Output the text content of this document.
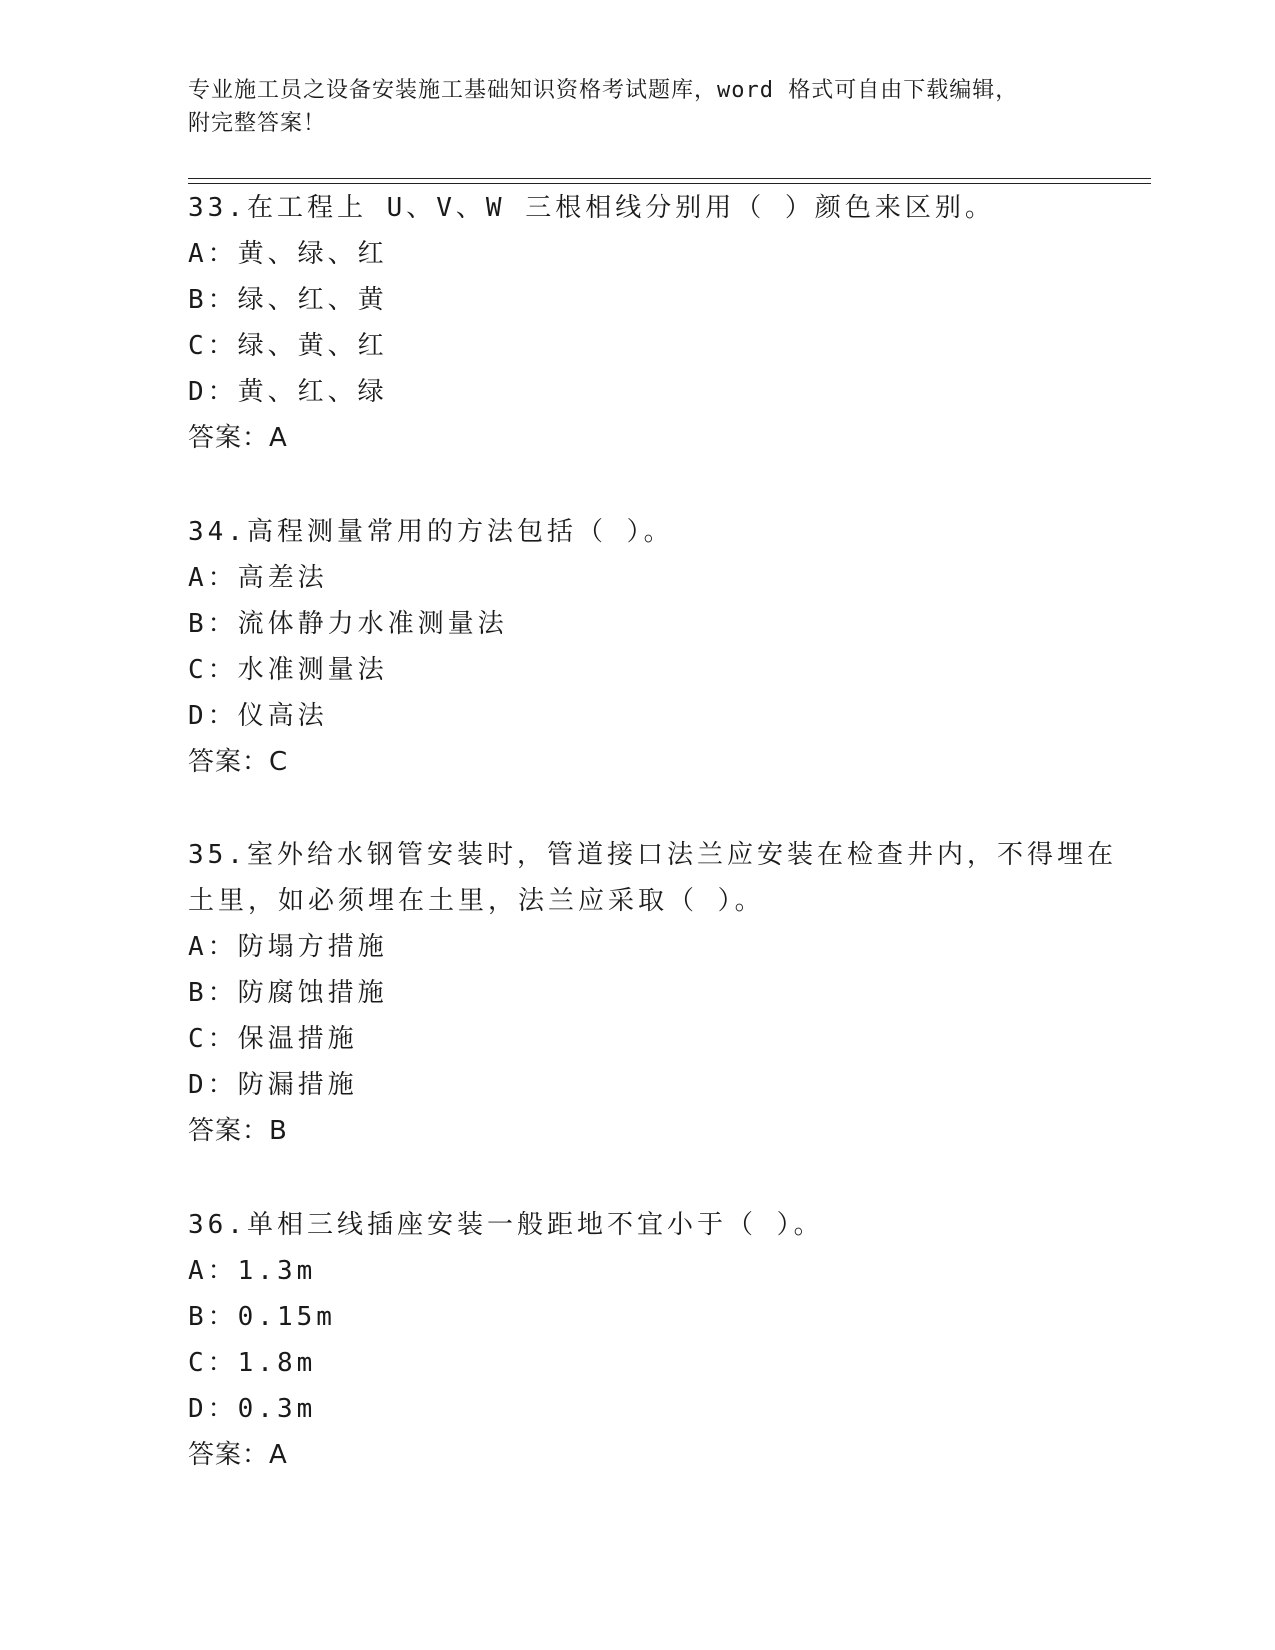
专业施工员之设备安装施工基础知识资格考试题库，word 格式可自由下载编辑，
附完整答案！
33.在工程上 U、V、W 三根相线分别用（ ）颜色来区别。
A：黄、绿、红
B：绿、红、黄
C：绿、黄、红
D：黄、红、绿
答案：A
34.高程测量常用的方法包括（ ）。
A：高差法
B：流体静力水准测量法
C：水准测量法
D：仪高法
答案：C
35.室外给水钢管安装时，管道接口法兰应安装在检查井内，不得埋在
土里，如必须埋在土里，法兰应采取（ ）。
A：防塌方措施
B：防腐蚀措施
C：保温措施
D：防漏措施
答案：B
36.单相三线插座安装一般距地不宜小于（ ）。
A：1.3m
B：0.15m
C：1.8m
D：0.3m
答案：A
